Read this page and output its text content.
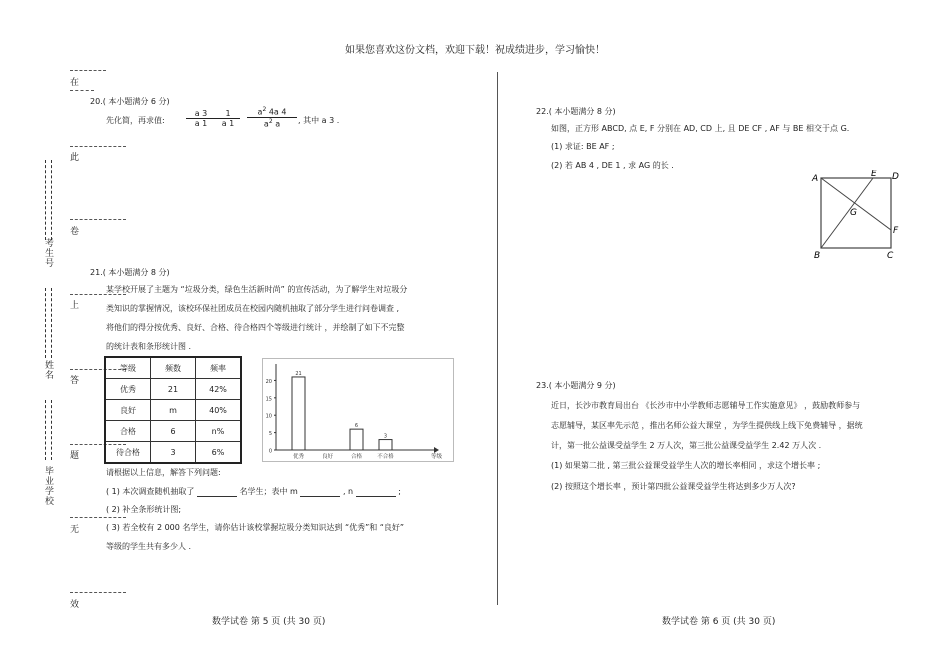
如果您喜欢这份文档，欢迎下载！祝成绩进步，学习愉快！
考生号
姓名
毕业学校
在
此
卷
上
答
题
无
效
20.( 本小题满分 6 分)
先化简，再求值:	$\frac{a 3}{a 1} \frac{1}{a 1} \frac{a^2 4a 4}{a^2 a}$ , 其中 a 3 .
21.( 本小题满分 8 分)
某学校开展了主题为 “垃圾分类，绿色生活新时尚” 的宣传活动，为了解学生对垃圾分
类知识的掌握情况，该校环保社团成员在校园内随机抽取了部分学生进行问卷调查 ,
将他们的得分按优秀、良好、合格、待合格四个等级进行统计 ，并绘制了如下不完整
的统计表和条形统计图 .
等级	频数	频率
优秀	21	42%
良好	m	40%
合格	6	n%
待合格	3	6%	0
5
10
15
20
21
优秀	良好
6
合格
3
不合格	等级
请根据以上信息，解答下列问题:
( 1) 本次调查随机抽取了	名学生；表中 m	, n	;
( 2) 补全条形统计图;
( 3) 若全校有 2 000 名学生，请你估计该校掌握垃圾分类知识达到 “优秀”和 “良好”
等级的学生共有多少人 .
22.( 本小题满分 8 分)
如图，正方形 ABCD, 点 E, F 分别在 AD, CD 上, 且 DE CF , AF 与 BE 相交于点 G.
(1) 求证: BE AF ;
(2) 若 AB 4 , DE 1 , 求 AG 的长 .
A	E D
G
F
B	C
23.( 本小题满分 9 分)
近日，长沙市教育局出台 《长沙市中小学教师志愿辅导工作实施意见》 ，鼓励教师参与
志愿辅导，某区率先示范 ，推出名师公益大课堂 ，为学生提供线上线下免费辅导 ，据统
计，第一批公益课受益学生 2 万人次，第三批公益课受益学生 2.42 万人次 .
(1) 如果第二批 , 第三批公益课受益学生人次的增长率相同 ，求这个增长率 ;
(2) 按照这个增长率 ，预计第四批公益课受益学生将达到多少万人次?
数学试卷 第 5 页 (共 30 页)	数学试卷 第 6 页 (共 30 页)
